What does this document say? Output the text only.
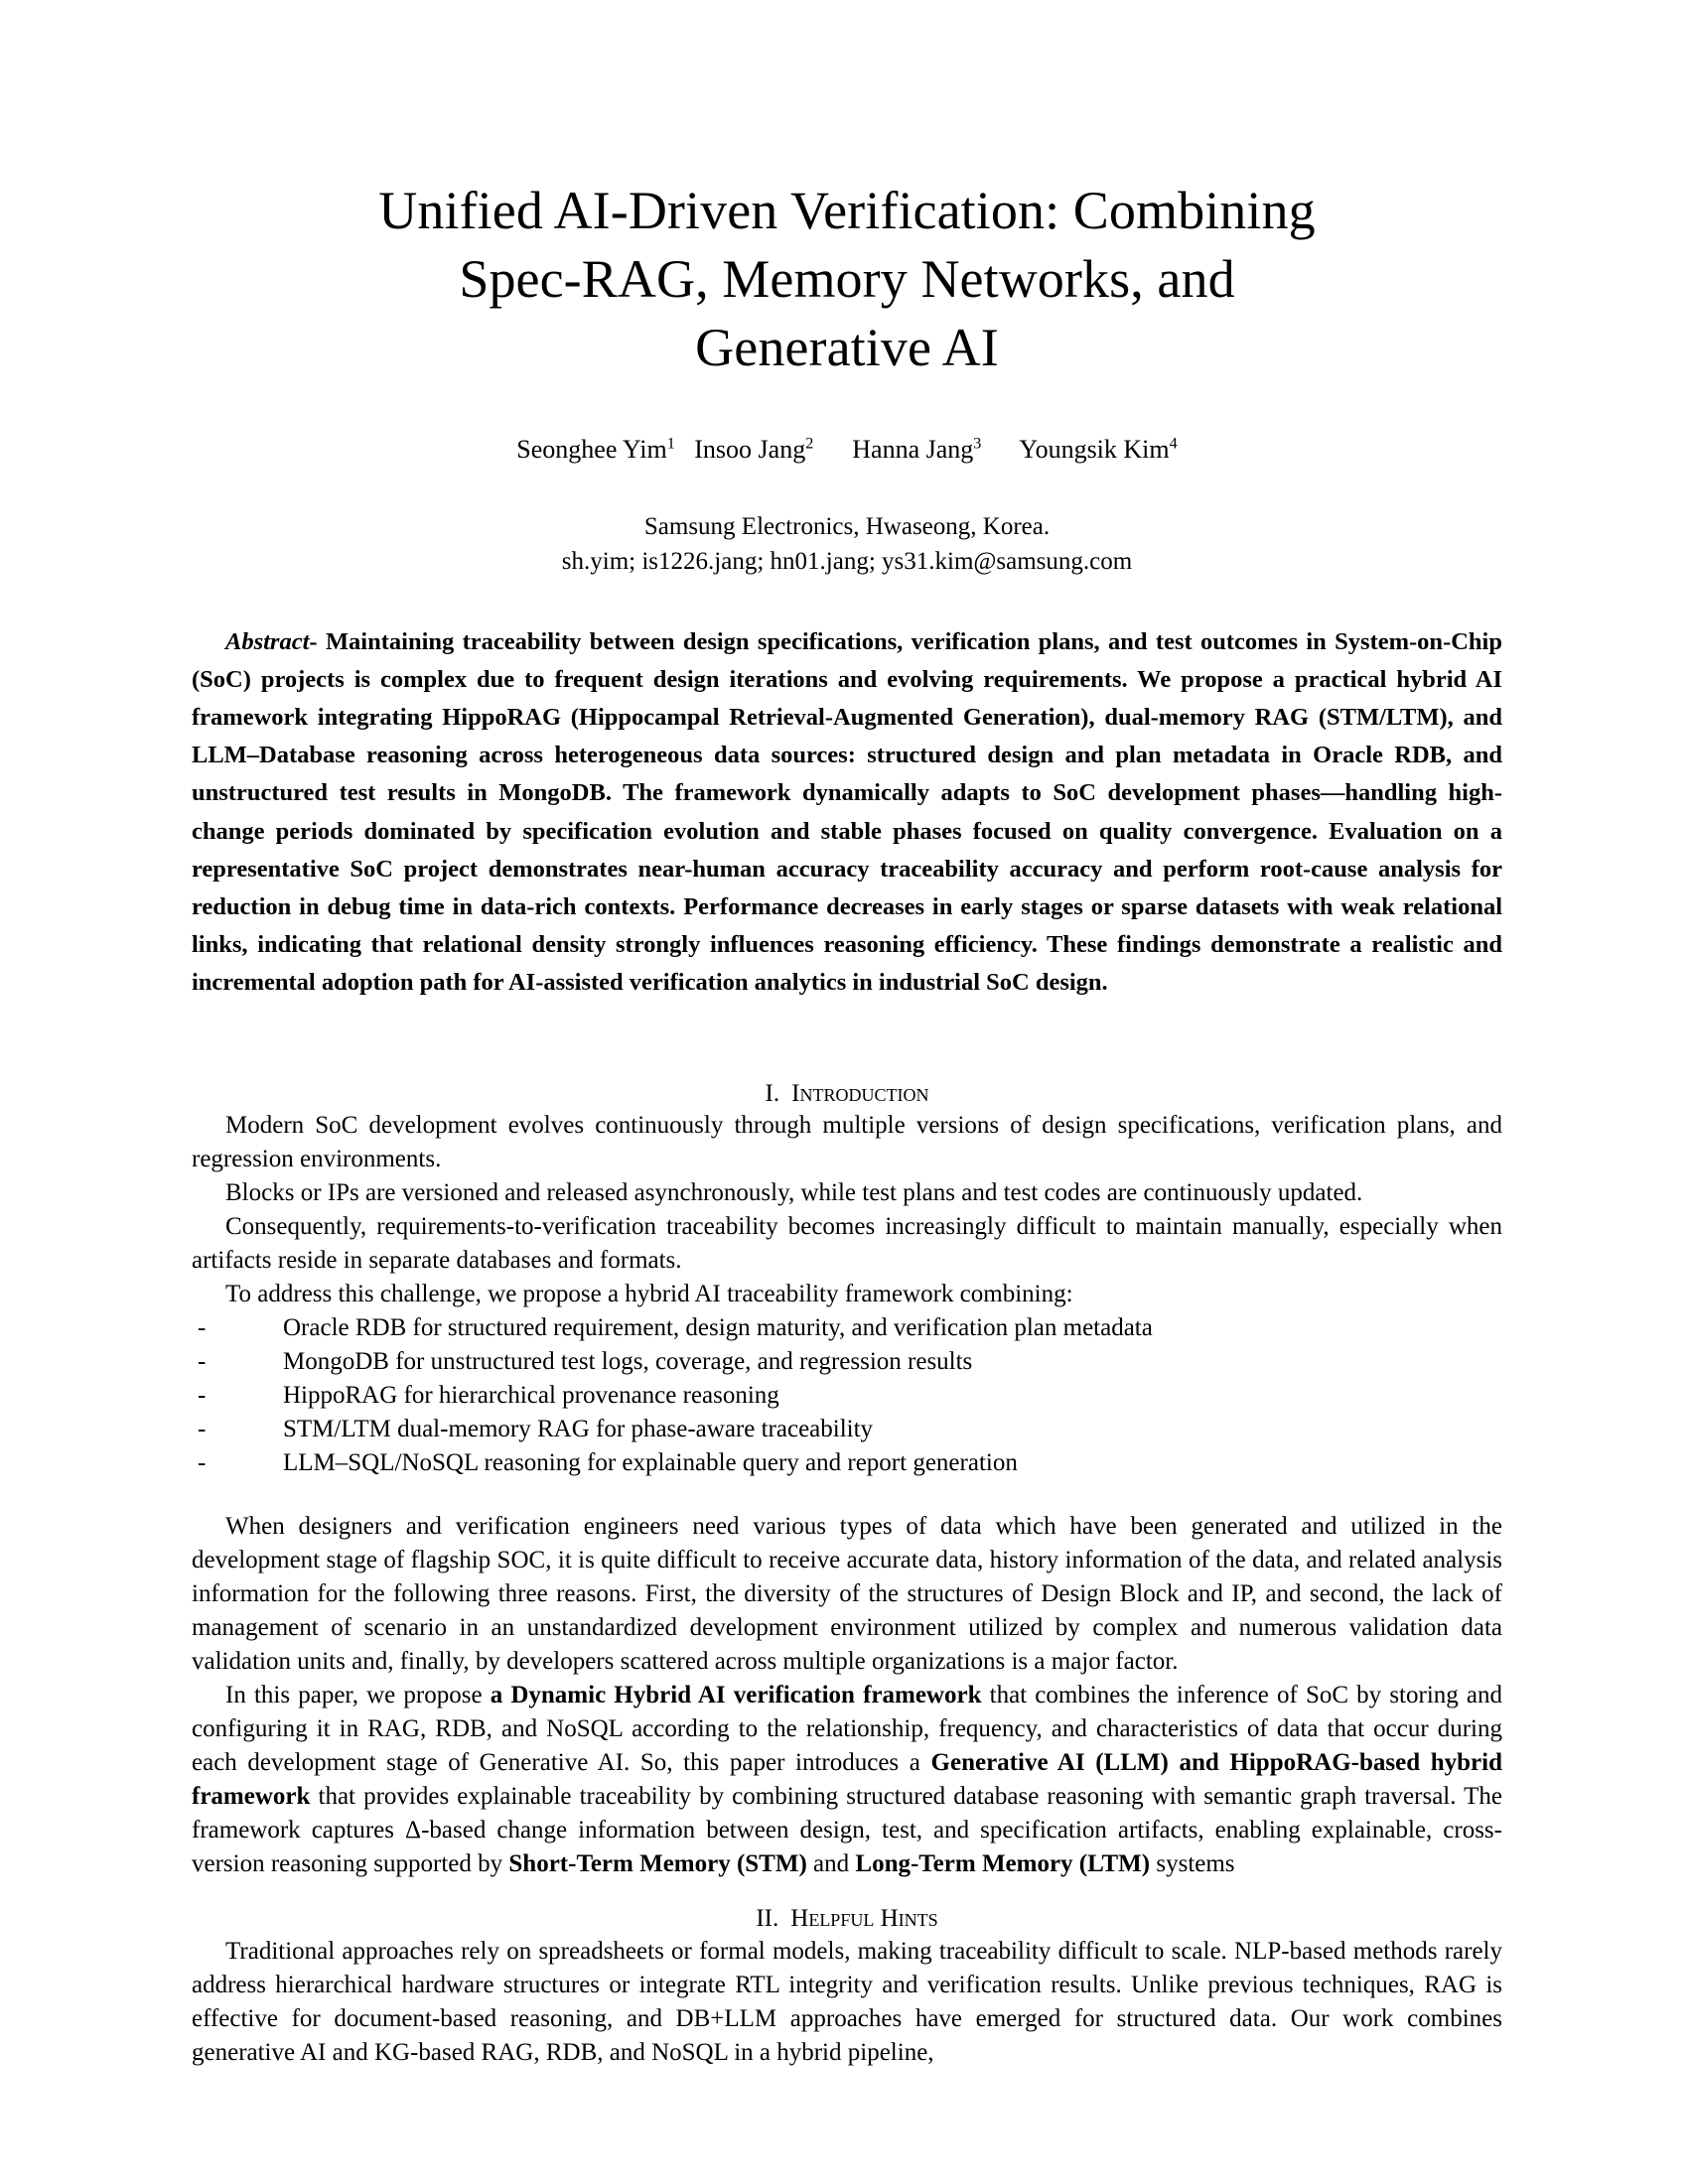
Unified AI-Driven Verification: Combining
Spec-RAG, Memory Networks, and
Generative AI
Seonghee Yim$^1$ Insoo Jang$^2$ Hanna Jang$^3$ Youngsik Kim$^4$
Samsung Electronics, Hwaseong, Korea.
sh.yim; is1226.jang; hn01.jang; ys31.kim@samsung.com

Abstract- Maintaining traceability between design specifications, verification plans, and test outcomes in System-on-Chip (SoC) projects is complex due to frequent design iterations and evolving requirements. We propose a practical hybrid AI framework integrating HippoRAG (Hippocampal Retrieval-Augmented Generation), dual-memory RAG (STM/LTM), and LLM–Database reasoning across heterogeneous data sources: structured design and plan metadata in Oracle RDB, and unstructured test results in MongoDB. The framework dynamically adapts to SoC development phases—handling high-change periods dominated by specification evolution and stable phases focused on quality convergence. Evaluation on a representative SoC project demonstrates near-human accuracy traceability accuracy and perform root-cause analysis for reduction in debug time in data-rich contexts. Performance decreases in early stages or sparse datasets with weak relational links, indicating that relational density strongly influences reasoning efficiency. These findings demonstrate a realistic and incremental adoption path for AI-assisted verification analytics in industrial SoC design.

I. Introduction

Modern SoC development evolves continuously through multiple versions of design specifications, verification plans, and regression environments.

Blocks or IPs are versioned and released asynchronously, while test plans and test codes are continuously updated.

Consequently, requirements-to-verification traceability becomes increasingly difficult to maintain manually, especially when artifacts reside in separate databases and formats.

To address this challenge, we propose a hybrid AI traceability framework combining:

-	Oracle RDB for structured requirement, design maturity, and verification plan metadata
-	MongoDB for unstructured test logs, coverage, and regression results
-	HippoRAG for hierarchical provenance reasoning
-	STM/LTM dual-memory RAG for phase-aware traceability
-	LLM–SQL/NoSQL reasoning for explainable query and report generation

When designers and verification engineers need various types of data which have been generated and utilized in the development stage of flagship SOC, it is quite difficult to receive accurate data, history information of the data, and related analysis information for the following three reasons. First, the diversity of the structures of Design Block and IP, and second, the lack of management of scenario in an unstandardized development environment utilized by complex and numerous validation data validation units and, finally, by developers scattered across multiple organizations is a major factor.

In this paper, we propose a Dynamic Hybrid AI verification framework that combines the inference of SoC by storing and configuring it in RAG, RDB, and NoSQL according to the relationship, frequency, and characteristics of data that occur during each development stage of Generative AI. So, this paper introduces a Generative AI (LLM) and HippoRAG-based hybrid framework that provides explainable traceability by combining structured database reasoning with semantic graph traversal. The framework captures Δ-based change information between design, test, and specification artifacts, enabling explainable, cross-version reasoning supported by Short-Term Memory (STM) and Long-Term Memory (LTM) systems

II. Helpful Hints

Traditional approaches rely on spreadsheets or formal models, making traceability difficult to scale. NLP-based methods rarely address hierarchical hardware structures or integrate RTL integrity and verification results. Unlike previous techniques, RAG is effective for document-based reasoning, and DB+LLM approaches have emerged for structured data. Our work combines generative AI and KG-based RAG, RDB, and NoSQL in a hybrid pipeline,
